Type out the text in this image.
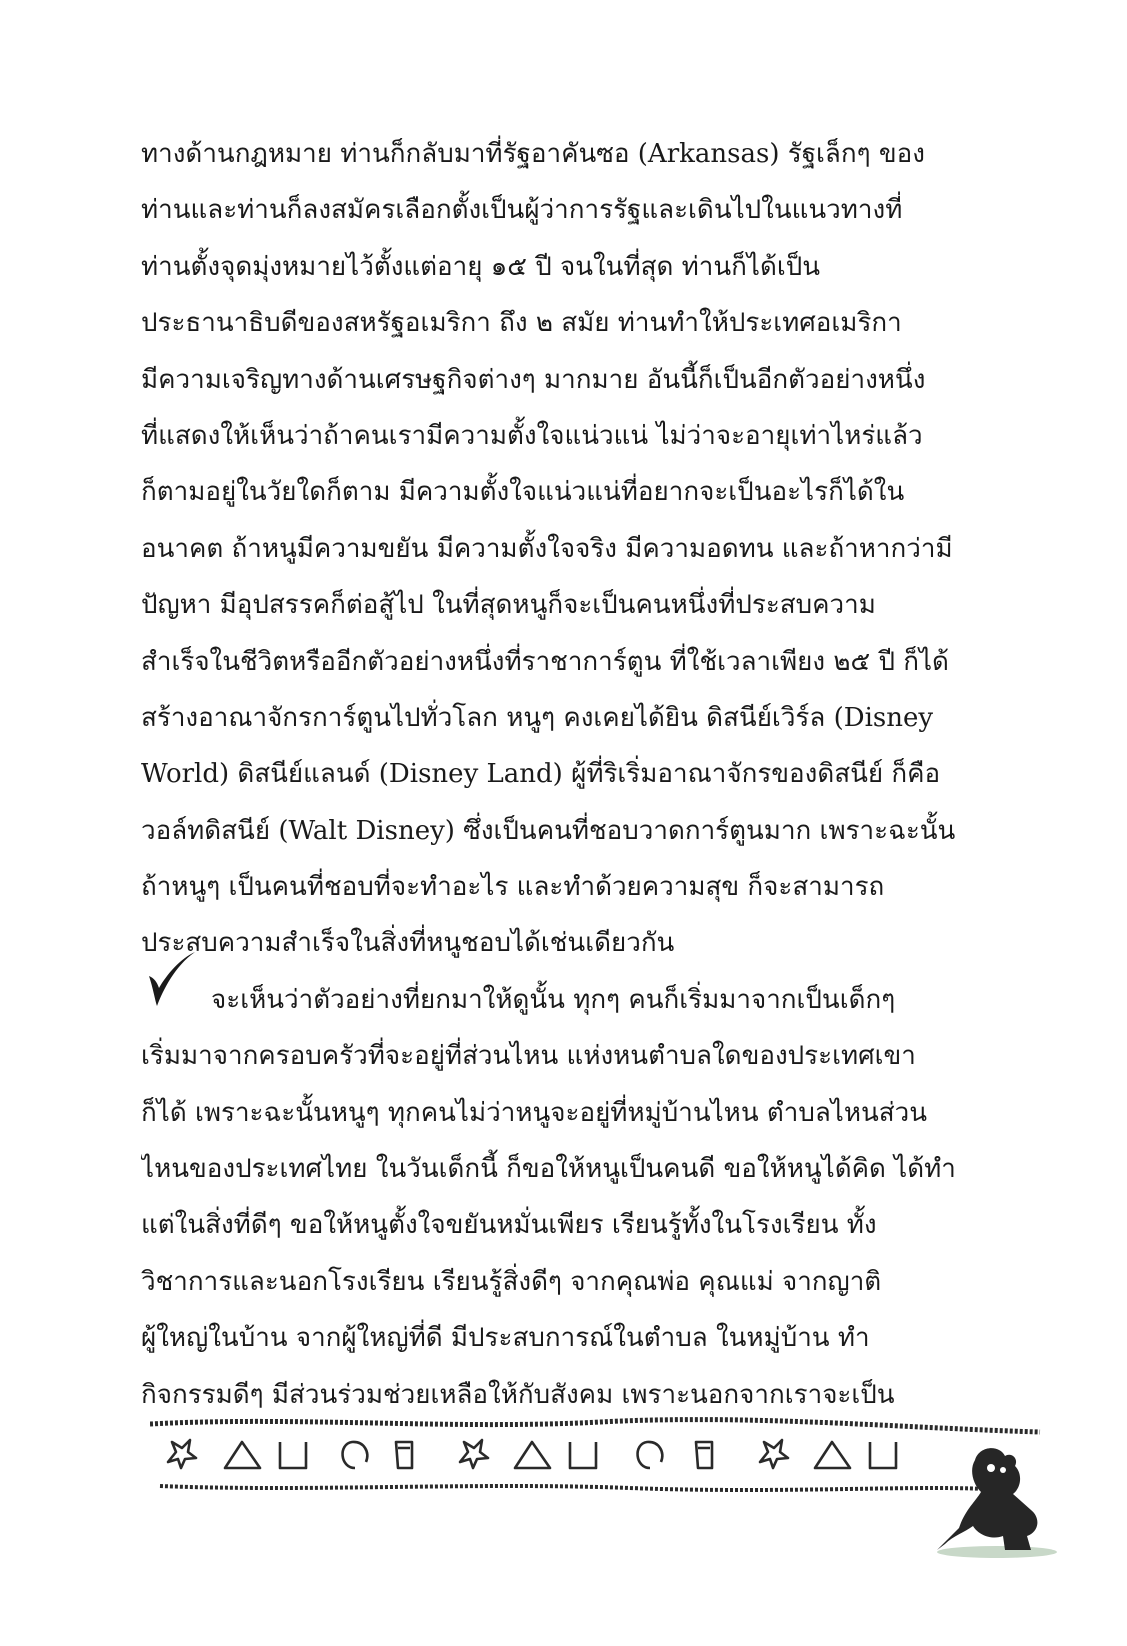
ทางด้านกฎหมาย ท่านก็กลับมาที่รัฐอาคันซอ (Arkansas) รัฐเล็กๆ ของ
ท่านและท่านก็ลงสมัครเลือกตั้งเป็นผู้ว่าการรัฐและเดินไปในแนวทางที่
ท่านตั้งจุดมุ่งหมายไว้ตั้งแต่อายุ ๑๕ ปี จนในที่สุด ท่านก็ได้เป็น
ประธานาธิบดีของสหรัฐอเมริกา ถึง ๒ สมัย ท่านทำให้ประเทศอเมริกา
มีความเจริญทางด้านเศรษฐกิจต่างๆ มากมาย อันนี้ก็เป็นอีกตัวอย่างหนึ่ง
ที่แสดงให้เห็นว่าถ้าคนเรามีความตั้งใจแน่วแน่ ไม่ว่าจะอายุเท่าไหร่แล้ว
ก็ตามอยู่ในวัยใดก็ตาม มีความตั้งใจแน่วแน่ที่อยากจะเป็นอะไรก็ได้ใน
อนาคต ถ้าหนูมีความขยัน มีความตั้งใจจริง มีความอดทน และถ้าหากว่ามี
ปัญหา มีอุปสรรคก็ต่อสู้ไป ในที่สุดหนูก็จะเป็นคนหนึ่งที่ประสบความ
สำเร็จในชีวิตหรืออีกตัวอย่างหนึ่งที่ราชาการ์ตูน ที่ใช้เวลาเพียง ๒๕ ปี ก็ได้
สร้างอาณาจักรการ์ตูนไปทั่วโลก หนูๆ คงเคยได้ยิน ดิสนีย์เวิร์ล (Disney
World) ดิสนีย์แลนด์ (Disney Land) ผู้ที่ริเริ่มอาณาจักรของดิสนีย์ ก็คือ
วอล์ทดิสนีย์ (Walt Disney) ซึ่งเป็นคนที่ชอบวาดการ์ตูนมาก เพราะฉะนั้น
ถ้าหนูๆ เป็นคนที่ชอบที่จะทำอะไร และทำด้วยความสุข ก็จะสามารถ
ประสบความสำเร็จในสิ่งที่หนูชอบได้เช่นเดียวกัน
จะเห็นว่าตัวอย่างที่ยกมาให้ดูนั้น ทุกๆ คนก็เริ่มมาจากเป็นเด็กๆ
เริ่มมาจากครอบครัวที่จะอยู่ที่ส่วนไหน แห่งหนตำบลใดของประเทศเขา
ก็ได้ เพราะฉะนั้นหนูๆ ทุกคนไม่ว่าหนูจะอยู่ที่หมู่บ้านไหน ตำบลไหนส่วน
ไหนของประเทศไทย ในวันเด็กนี้ ก็ขอให้หนูเป็นคนดี ขอให้หนูได้คิด ได้ทำ
แต่ในสิ่งที่ดีๆ ขอให้หนูตั้งใจขยันหมั่นเพียร เรียนรู้ทั้งในโรงเรียน ทั้ง
วิชาการและนอกโรงเรียน เรียนรู้สิ่งดีๆ จากคุณพ่อ คุณแม่ จากญาติ
ผู้ใหญ่ในบ้าน จากผู้ใหญ่ที่ดี มีประสบการณ์ในตำบล ในหมู่บ้าน ทำ
กิจกรรมดีๆ มีส่วนร่วมช่วยเหลือให้กับสังคม เพราะนอกจากเราจะเป็น
